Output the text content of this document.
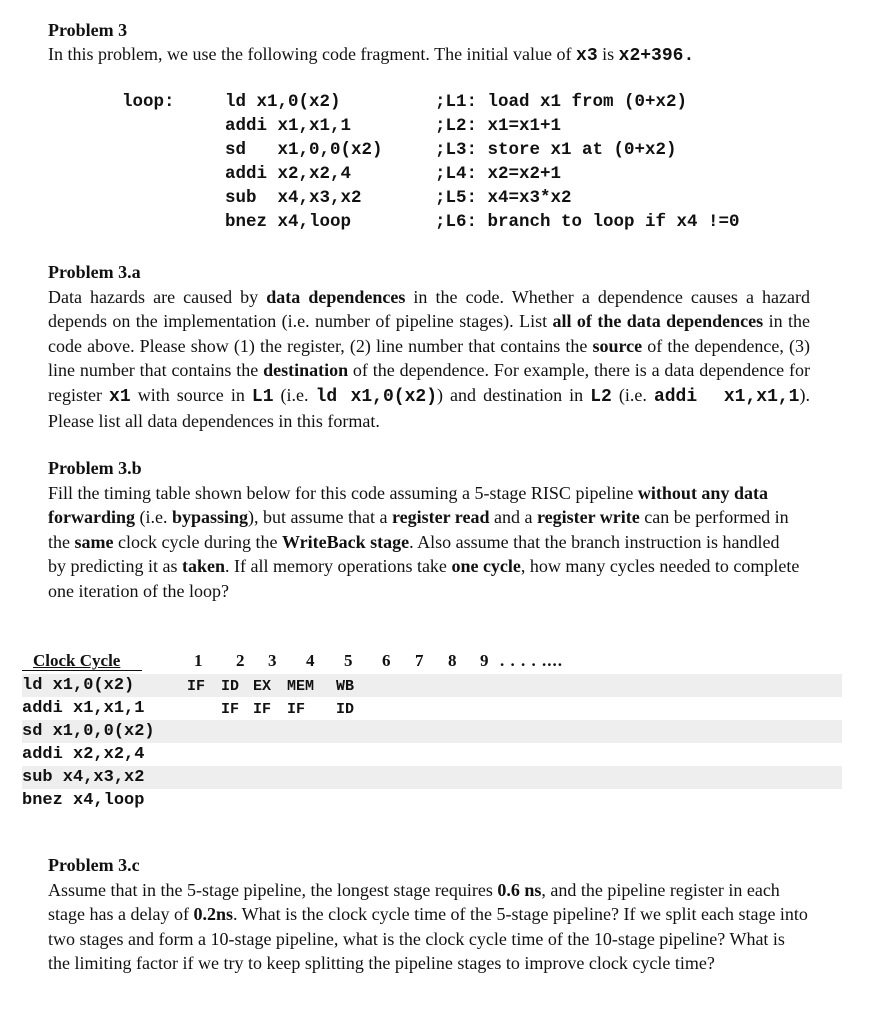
Problem 3
In this problem, we use the following code fragment. The initial value of x3 is x2+396.
loop:	ld x1,0(x2)
addi x1,x1,1
sd   x1,0,0(x2)
addi x2,x2,4
sub  x4,x3,x2
bnez x4,loop
;L1: load x1 from (0+x2)
;L2: x1=x1+1
;L3: store x1 at (0+x2)
;L4: x2=x2+1
;L5: x4=x3*x2
;L6: branch to loop if x4 !=0
Problem 3.a
Data hazards are caused by data dependences in the code. Whether a dependence causes a hazard depends on the implementation (i.e. number of pipeline stages). List all of the data dependences in the code above. Please show (1) the register, (2) line number that contains the source of the dependence, (3) line number that contains the destination of the dependence. For example, there is a data dependence for register x1 with source in L1 (i.e. ld x1,0(x2)) and destination in L2 (i.e. addi  x1,x1,1). Please list all data dependences in this format.
Problem 3.b
Fill the timing table shown below for this code assuming a 5-stage RISC pipeline without any data forwarding (i.e. bypassing), but assume that a register read and a register write can be performed in the same clock cycle during the WriteBack stage. Also assume that the branch instruction is handled by predicting it as taken. If all memory operations take one cycle, how many cycles needed to complete one iteration of the loop?
Clock Cycle	1 2 3 4 5 6 7 8 9 . . . . ....
ld x1,0(x2)
addi x1,x1,1
sd x1,0,0(x2)
addi x2,x2,4
sub x4,x3,x2
bnez x4,loop
IF ID EX MEM WB
IF IF IF ID
Problem 3.c
Assume that in the 5-stage pipeline, the longest stage requires 0.6 ns, and the pipeline register in each stage has a delay of 0.2ns. What is the clock cycle time of the 5-stage pipeline? If we split each stage into two stages and form a 10-stage pipeline, what is the clock cycle time of the 10-stage pipeline? What is the limiting factor if we try to keep splitting the pipeline stages to improve clock cycle time?
